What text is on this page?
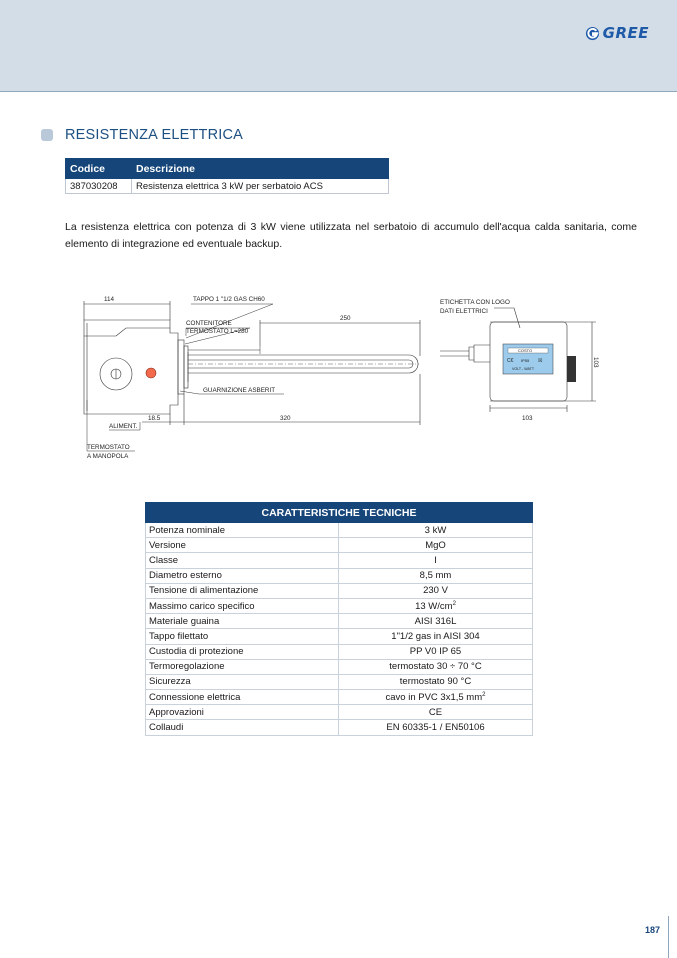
GREE
RESISTENZA ELETTRICA
Codice	Descrizione
387030208	Resistenza elettrica 3 kW per serbatoio ACS

La resistenza elettrica con potenza di 3 kW viene utilizzata nel serbatoio di accumulo dell'acqua calda sanitaria, come elemento di integrazione ed eventuale backup.

114	TAPPO 1 "1/2 GAS CH60
CONTENITORE
TERMOSTATO L=280
250
GUARNIZIONE ASBERIT
18.5	320
ALIMENT.
TERMOSTATO
A MANOPOLA
COSTO
C€ IP55 ☒
VOLT - WATT
ETICHETTA CON LOGO
DATI ELETTRICI
103
103
CARATTERISTICHE TECNICHE	
Potenza nominale	3 kW
Versione	MgO
Classe	I
Diametro esterno	8,5 mm
Tensione di alimentazione	230 V
Massimo carico specifico	13 $W/cm^2$
Materiale guaina	AISI 316L
Tappo filettato	1"1/2 gas in AISI 304
Custodia di protezione	PP V0 IP 65
Termoregolazione	termostato 30 ÷ 70 °C
Sicurezza	termostato 90 °C
Connessione elettrica	cavo in PVC 3x1,5 $mm^2$
Approvazioni	CE
Collaudi	EN 60335-1 / EN50106
187
